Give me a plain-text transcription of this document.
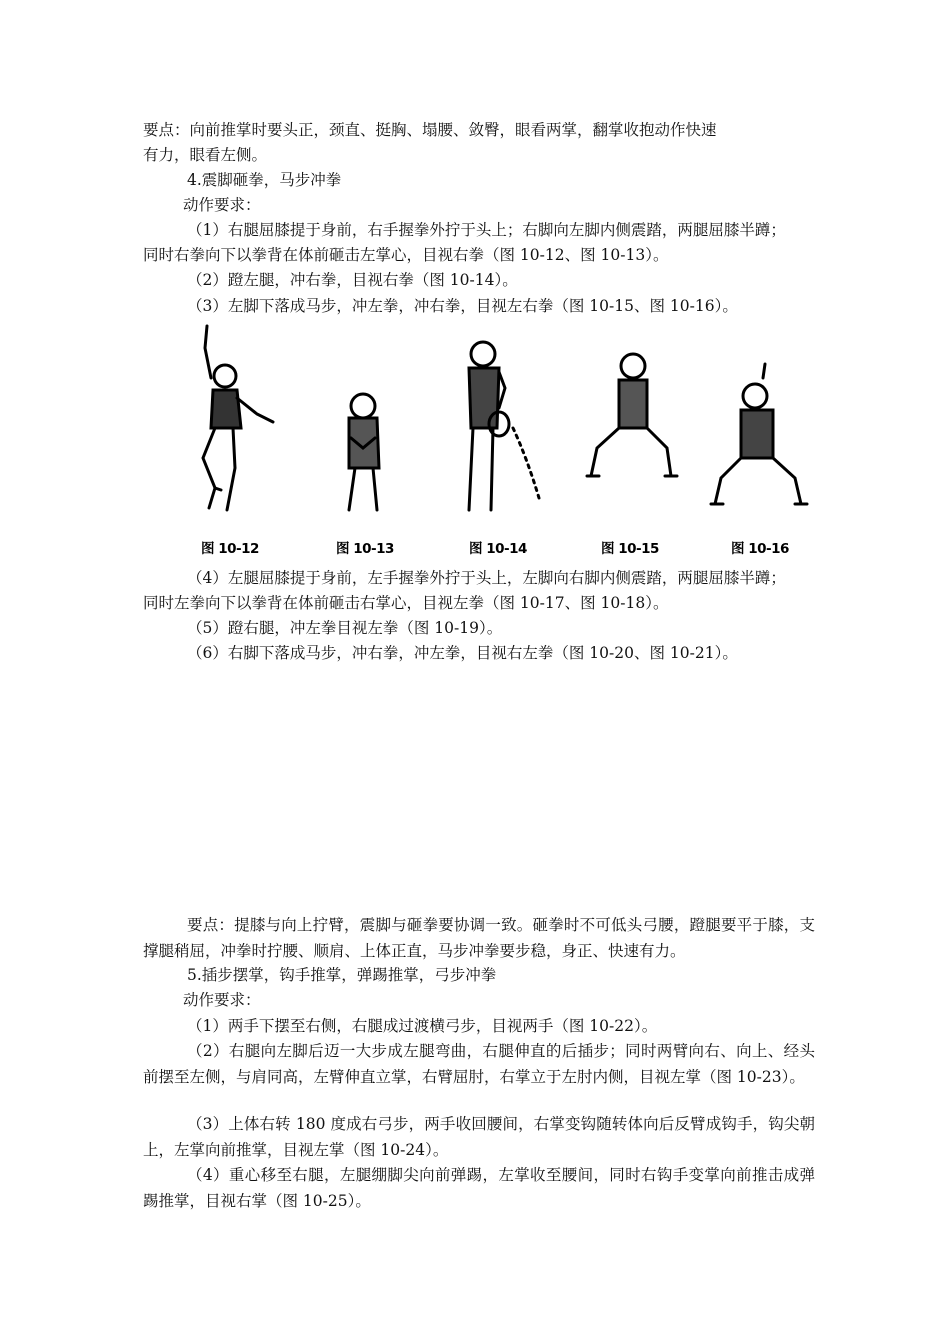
要点：向前推掌时要头正，颈直、挺胸、塌腰、敛臀，眼看两掌，翻掌收抱动作快速
有力，眼看左侧。
4.震脚砸拳，马步冲拳
动作要求：
（1）右腿屈膝提于身前，右手握拳外拧于头上；右脚向左脚内侧震踏，两腿屈膝半蹲；
同时右拳向下以拳背在体前砸击左掌心，目视右拳（图 10-12、图 10-13）。
（2）蹬左腿，冲右拳，目视右拳（图 10-14）。
（3）左脚下落成马步，冲左拳，冲右拳，目视左右拳（图 10-15、图 10-16）。
图 10-12	图 10-13	图 10-14	图 10-15	图 10-16
（4）左腿屈膝提于身前，左手握拳外拧于头上，左脚向右脚内侧震踏，两腿屈膝半蹲；
同时左拳向下以拳背在体前砸击右掌心，目视左拳（图 10-17、图 10-18）。
（5）蹬右腿，冲左拳目视左拳（图 10-19）。
（6）右脚下落成马步，冲右拳，冲左拳，目视右左拳（图 10-20、图 10-21）。
要点：提膝与向上拧臂，震脚与砸拳要协调一致。砸拳时不可低头弓腰，蹬腿要平于膝，支撑腿稍屈，冲拳时拧腰、顺肩、上体正直，马步冲拳要步稳，身正、快速有力。
5.插步摆掌，钩手推掌，弹踢推掌，弓步冲拳
动作要求：
（1）两手下摆至右侧，右腿成过渡横弓步，目视两手（图 10-22）。
（2）右腿向左脚后迈一大步成左腿弯曲，右腿伸直的后插步；同时两臂向右、向上、经头前摆至左侧，与肩同高，左臂伸直立掌，右臂屈肘，右掌立于左肘内侧，目视左掌（图 10-23）。
（3）上体右转 180 度成右弓步，两手收回腰间，右掌变钩随转体向后反臂成钩手，钩尖朝上，左掌向前推掌，目视左掌（图 10-24）。
（4）重心移至右腿，左腿绷脚尖向前弹踢，左掌收至腰间，同时右钩手变掌向前推击成弹踢推掌，目视右掌（图 10-25）。
